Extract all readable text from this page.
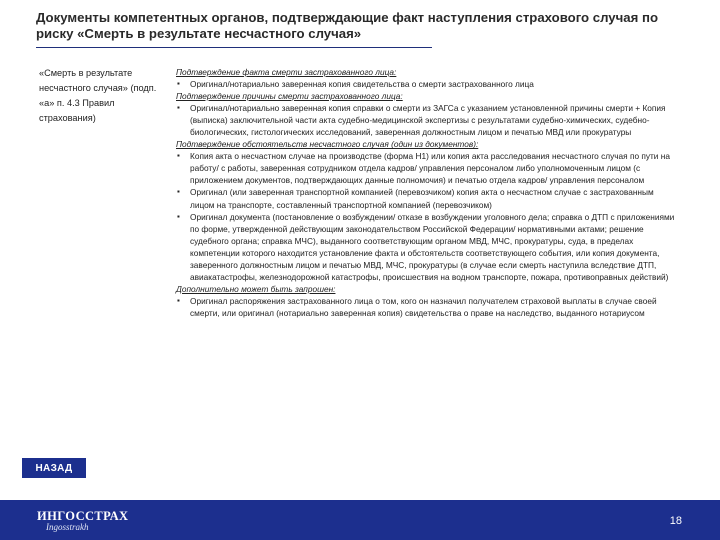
Документы компетентных органов, подтверждающие факт наступления страхового случая по риску «Смерть в результате несчастного случая»
«Смерть в результате несчастного случая» (подп. «а» п. 4.3 Правил страхования)
Подтверждение факта смерти застрахованного лица:
▪ Оригинал/нотариально заверенная копия свидетельства о смерти застрахованного лица
Подтверждение причины смерти застрахованного лица:
▪ Оригинал/нотариально заверенная копия справки о смерти из ЗАГСа с указанием установленной причины смерти + Копия (выписка) заключительной части акта судебно-медицинской экспертизы с результатами судебно-химических, судебно-биологических, гистологических исследований, заверенная должностным лицом и печатью МВД или прокуратуры
Подтверждение обстоятельств несчастного случая (один из документов):
▪ Копия акта о несчастном случае на производстве (форма Н1) или копия акта расследования несчастного случая по пути на работу/ с работы, заверенная сотрудником отдела кадров/ управления персоналом либо уполномоченным лицом (с приложением документов, подтверждающих данные полномочия) и печатью отдела кадров/ управления персоналом
▪ Оригинал (или заверенная транспортной компанией (перевозчиком) копия акта о несчастном случае с застрахованным лицом на транспорте, составленный транспортной компанией (перевозчиком)
▪ Оригинал документа (постановление о возбуждении/ отказе в возбуждении уголовного дела; справка о ДТП с приложениями по форме, утвержденной действующим законодательством Российской Федерации/ нормативными актами; решение судебного органа; справка МЧС), выданного соответствующим органом МВД, МЧС, прокуратуры, суда, в пределах компетенции которого находится установление факта и обстоятельств соответствующего события, или копия документа, заверенного должностным лицом и печатью МВД, МЧС, прокуратуры (в случае если смерть наступила вследствие ДТП, авиакатастрофы, железнодорожной катастрофы, происшествия на водном транспорте, пожара, противоправных действий)
Дополнительно может быть запрошен:
▪ Оригинал распоряжения застрахованного лица о том, кого он назначил получателем страховой выплаты в случае своей смерти, или оригинал (нотариально заверенная копия) свидетельства о праве на наследство, выданного нотариусом
НАЗАД
ИНГОССТРАХ
Ingosstrakh	18
